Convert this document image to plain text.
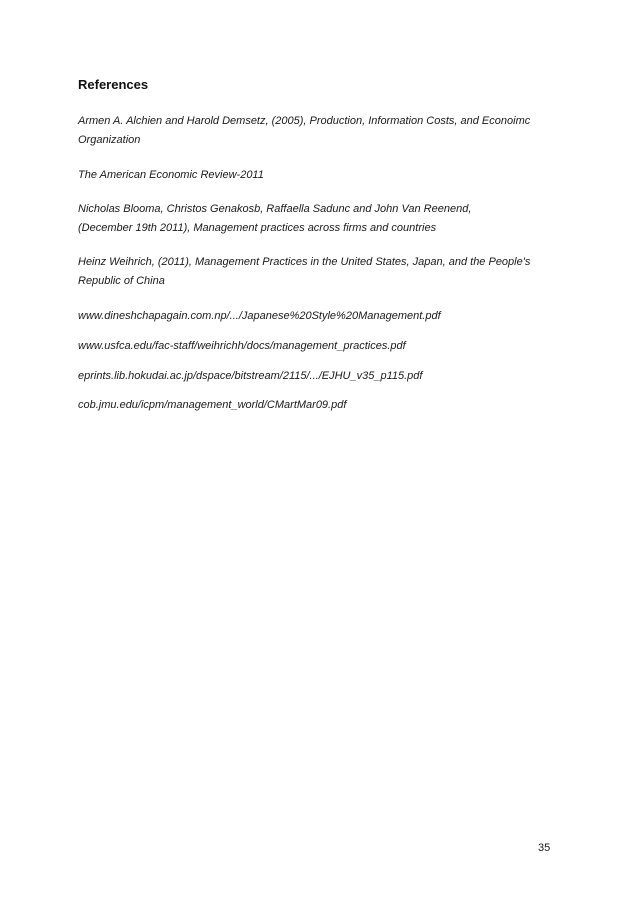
References
Armen A. Alchien and Harold Demsetz, (2005), Production, Information Costs, and Econoimc
Organization
The American Economic Review-2011
Nicholas Blooma, Christos Genakosb, Raffaella Sadunc and John Van Reenend,
(December 19th 2011), Management practices across firms and countries
Heinz Weihrich, (2011), Management Practices in the United States, Japan, and the People's
Republic of China
www.dineshchapagain.com.np/.../Japanese%20Style%20Management.pdf
www.usfca.edu/fac-staff/weihrichh/docs/management_practices.pdf
eprints.lib.hokudai.ac.jp/dspace/bitstream/2115/.../EJHU_v35_p115.pdf
cob.jmu.edu/icpm/management_world/CMartMar09.pdf
35
